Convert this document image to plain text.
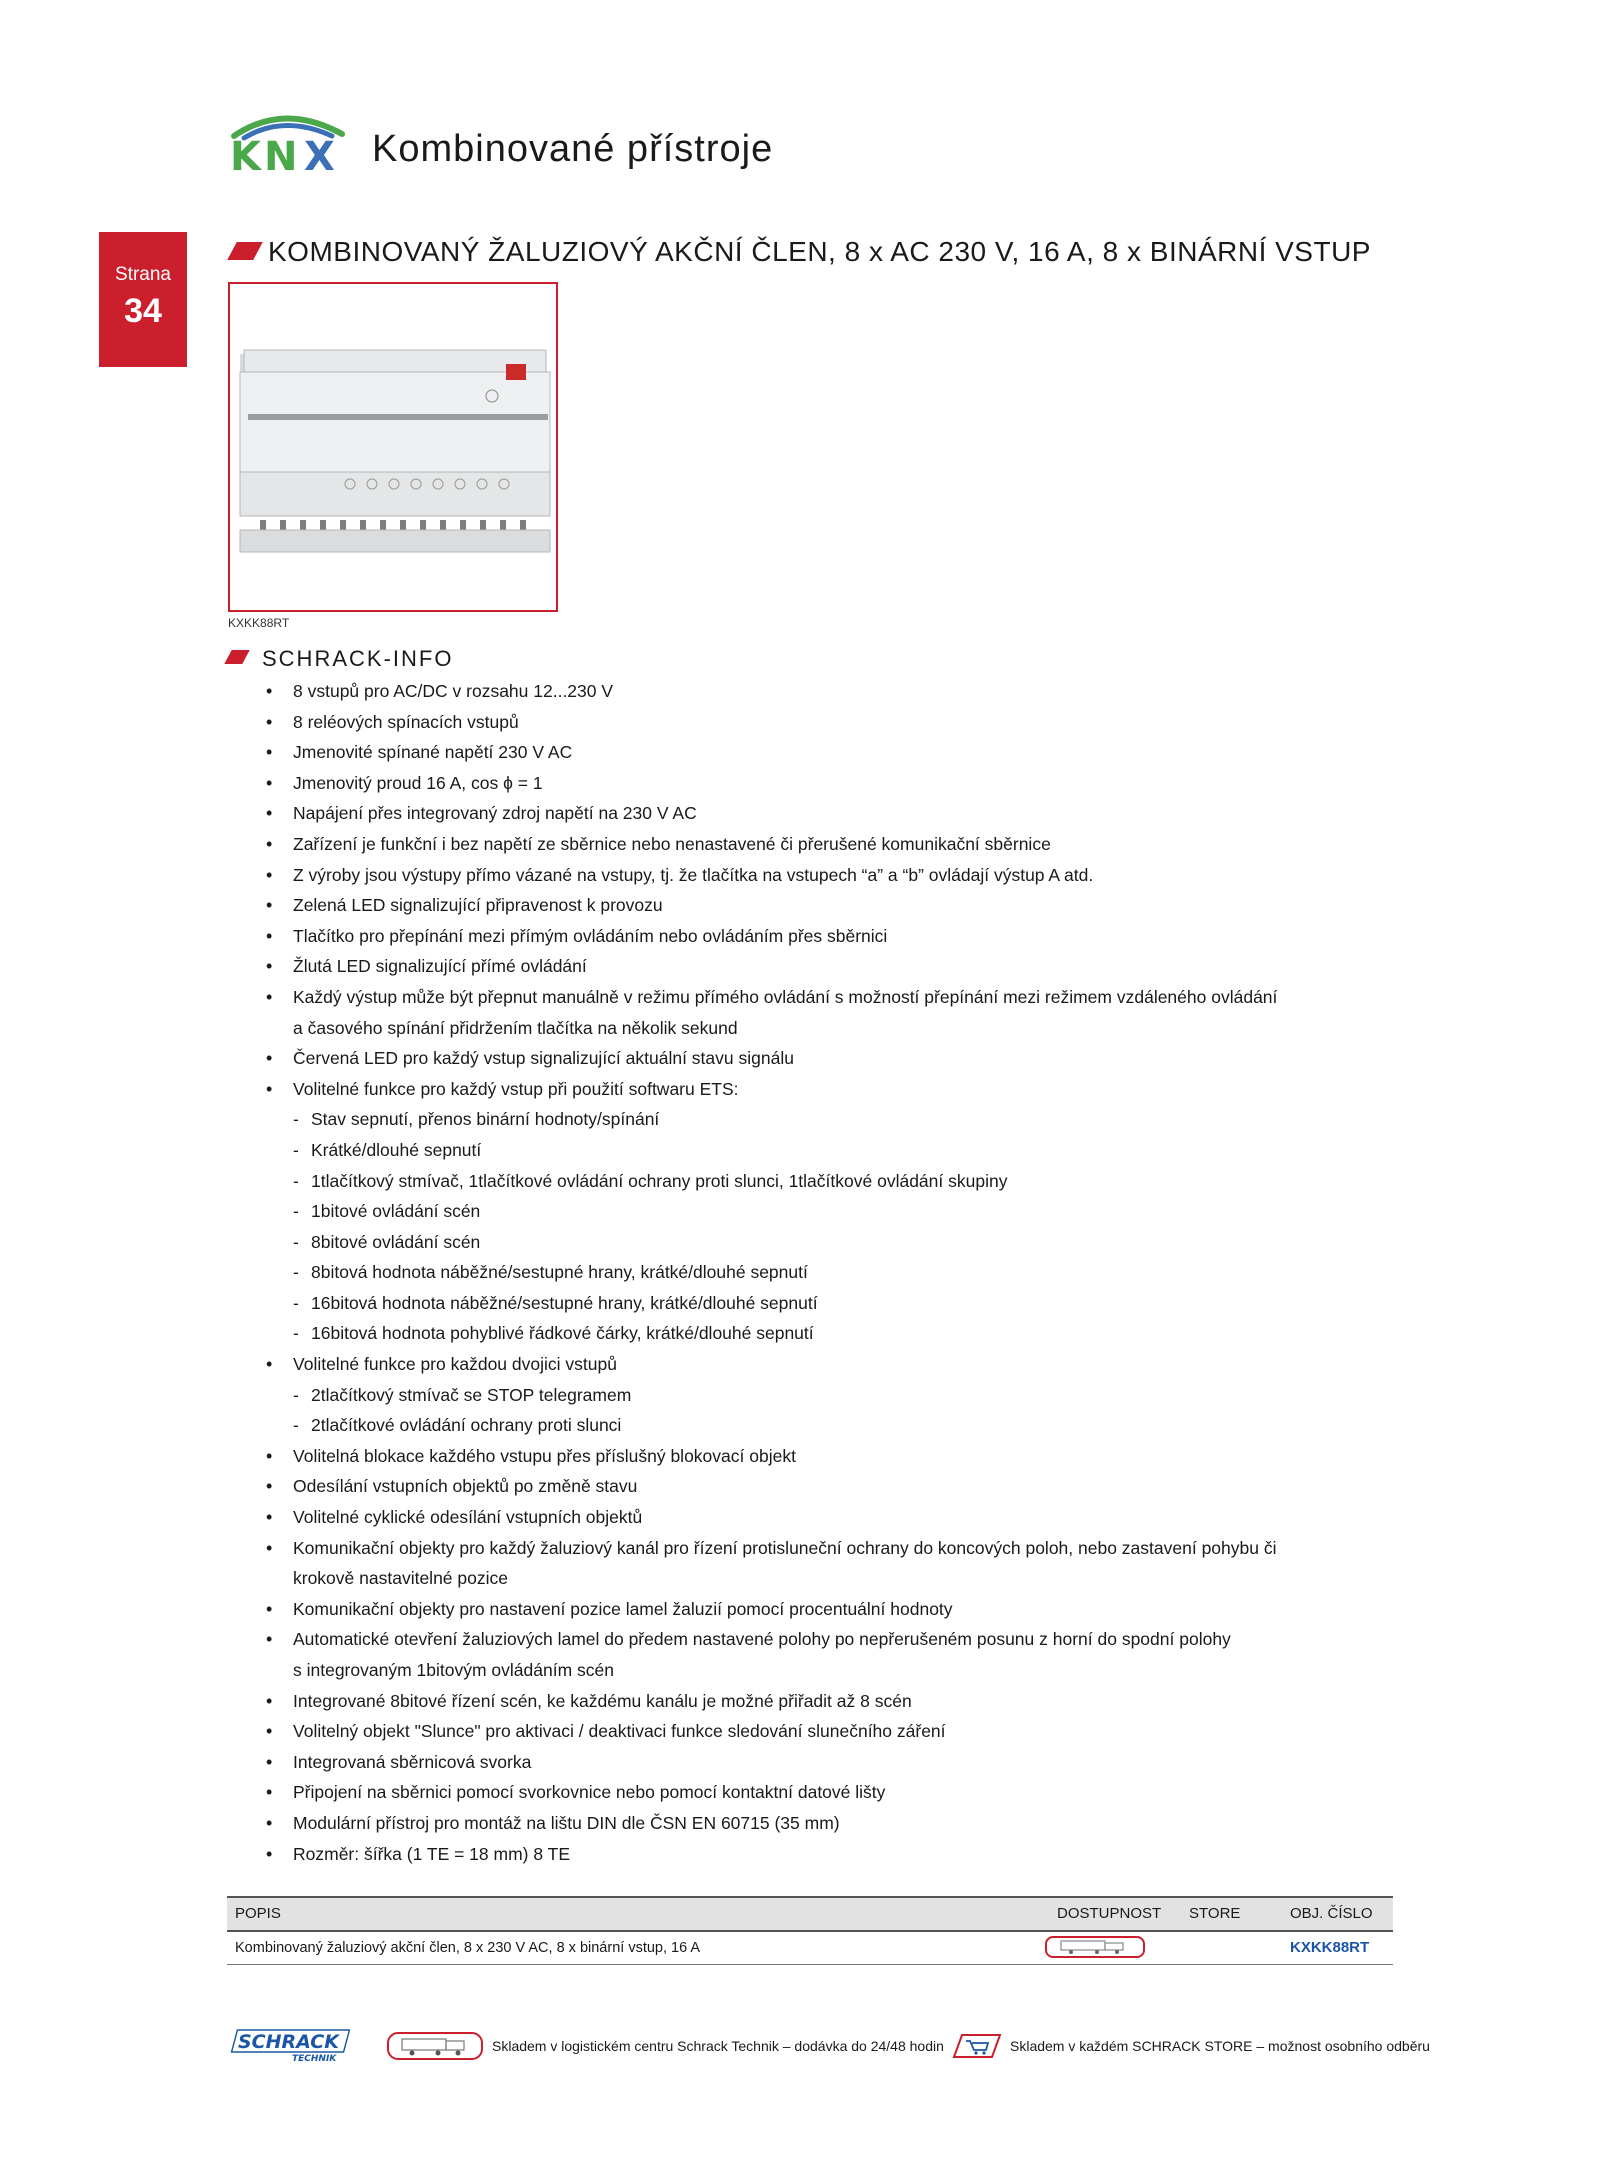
K N X Kombinované přístroje
Strana
34
KOMBINOVANÝ ŽALUZIOVÝ AKČNÍ ČLEN, 8 x AC 230 V, 16 A, 8 x BINÁRNÍ VSTUP
KXKK88RT
SCHRACK-INFO
• 8 vstupů pro AC/DC v rozsahu 12...230 V
• 8 reléových spínacích vstupů
• Jmenovité spínané napětí 230 V AC
• Jmenovitý proud 16 A, cos ϕ = 1
• Napájení přes integrovaný zdroj napětí na 230 V AC
• Zařízení je funkční i bez napětí ze sběrnice nebo nenastavené či přerušené komunikační sběrnice
• Z výroby jsou výstupy přímo vázané na vstupy, tj. že tlačítka na vstupech “a” a “b” ovládají výstup A atd.
• Zelená LED signalizující připravenost k provozu
• Tlačítko pro přepínání mezi přímým ovládáním nebo ovládáním přes sběrnici
• Žlutá LED signalizující přímé ovládání
• Každý výstup může být přepnut manuálně v režimu přímého ovládání s možností přepínání mezi režimem vzdáleného ovládání
a časového spínání přidržením tlačítka na několik sekund
• Červená LED pro každý vstup signalizující aktuální stavu signálu
• Volitelné funkce pro každý vstup při použití softwaru ETS:
- Stav sepnutí, přenos binární hodnoty/spínání
- Krátké/dlouhé sepnutí
- 1tlačítkový stmívač, 1tlačítkové ovládání ochrany proti slunci, 1tlačítkové ovládání skupiny
- 1bitové ovládání scén
- 8bitové ovládání scén
- 8bitová hodnota náběžné/sestupné hrany, krátké/dlouhé sepnutí
- 16bitová hodnota náběžné/sestupné hrany, krátké/dlouhé sepnutí
- 16bitová hodnota pohyblivé řádkové čárky, krátké/dlouhé sepnutí
• Volitelné funkce pro každou dvojici vstupů
- 2tlačítkový stmívač se STOP telegramem
- 2tlačítkové ovládání ochrany proti slunci
• Volitelná blokace každého vstupu přes příslušný blokovací objekt
• Odesílání vstupních objektů po změně stavu
• Volitelné cyklické odesílání vstupních objektů
• Komunikační objekty pro každý žaluziový kanál pro řízení protisluneční ochrany do koncových poloh, nebo zastavení pohybu či
krokově nastavitelné pozice
• Komunikační objekty pro nastavení pozice lamel žaluzií pomocí procentuální hodnoty
• Automatické otevření žaluziových lamel do předem nastavené polohy po nepřerušeném posunu z horní do spodní polohy
s integrovaným 1bitovým ovládáním scén
• Integrované 8bitové řízení scén, ke každému kanálu je možné přiřadit až 8 scén
• Volitelný objekt "Slunce" pro aktivaci / deaktivaci funkce sledování slunečního záření
• Integrovaná sběrnicová svorka
• Připojení na sběrnici pomocí svorkovnice nebo pomocí kontaktní datové lišty
• Modulární přístroj pro montáž na lištu DIN dle ČSN EN 60715 (35 mm)
• Rozměr: šířka (1 TE = 18 mm) 8 TE
POPIS	DOSTUPNOST STORE	OBJ. ČÍSLO
Kombinovaný žaluziový akční člen, 8 x 230 V AC, 8 x binární vstup, 16 A	KXKK88RT
SCHRACK
TECHNIK
Skladem v logistickém centru Schrack Technik – dodávka do 24/48 hodin	Skladem v každém SCHRACK STORE – možnost osobního odběru
